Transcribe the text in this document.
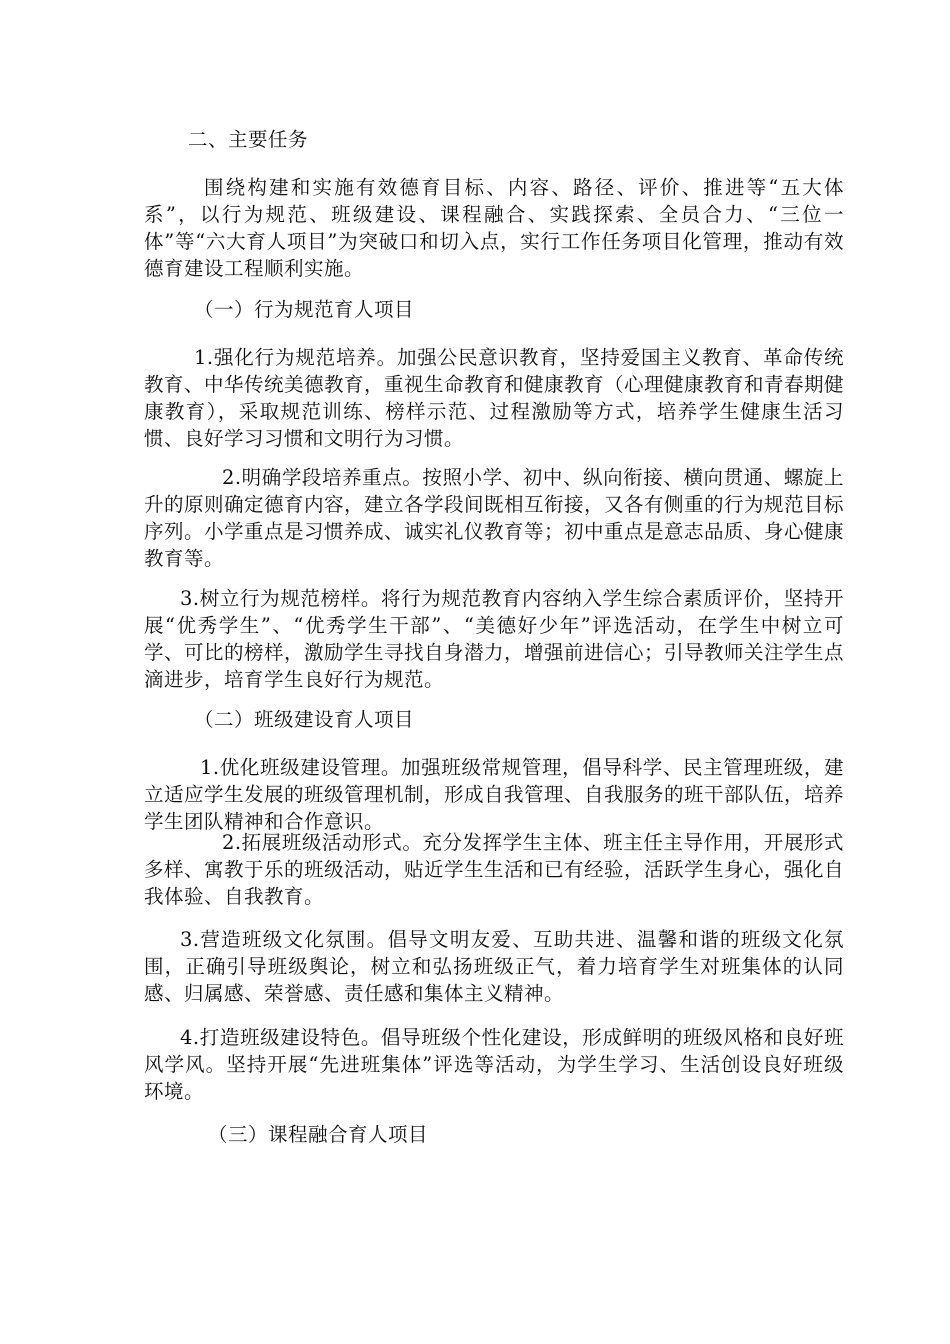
二、主要任务
围绕构建和实施有效德育目标、内容、路径、评价、推进等“五大体系”，以行为规范、班级建设、课程融合、实践探索、全员合力、“三位一体”等“六大育人项目”为突破口和切入点，实行工作任务项目化管理，推动有效德育建设工程顺利实施。
（一）行为规范育人项目
1.强化行为规范培养。加强公民意识教育，坚持爱国主义教育、革命传统教育、中华传统美德教育，重视生命教育和健康教育（心理健康教育和青春期健康教育），采取规范训练、榜样示范、过程激励等方式，培养学生健康生活习惯、良好学习习惯和文明行为习惯。
2.明确学段培养重点。按照小学、初中、纵向衔接、横向贯通、螺旋上升的原则确定德育内容，建立各学段间既相互衔接，又各有侧重的行为规范目标序列。小学重点是习惯养成、诚实礼仪教育等；初中重点是意志品质、身心健康教育等。
3.树立行为规范榜样。将行为规范教育内容纳入学生综合素质评价，坚持开展“优秀学生”、“优秀学生干部”、“美德好少年”评选活动，在学生中树立可学、可比的榜样，激励学生寻找自身潜力，增强前进信心；引导教师关注学生点滴进步，培育学生良好行为规范。
（二）班级建设育人项目
1.优化班级建设管理。加强班级常规管理，倡导科学、民主管理班级，建立适应学生发展的班级管理机制，形成自我管理、自我服务的班干部队伍，培养学生团队精神和合作意识。
2.拓展班级活动形式。充分发挥学生主体、班主任主导作用，开展形式多样、寓教于乐的班级活动，贴近学生生活和已有经验，活跃学生身心，强化自我体验、自我教育。
3.营造班级文化氛围。倡导文明友爱、互助共进、温馨和谐的班级文化氛围，正确引导班级舆论，树立和弘扬班级正气，着力培育学生对班集体的认同感、归属感、荣誉感、责任感和集体主义精神。
4.打造班级建设特色。倡导班级个性化建设，形成鲜明的班级风格和良好班风学风。坚持开展“先进班集体”评选等活动，为学生学习、生活创设良好班级环境。
（三）课程融合育人项目
